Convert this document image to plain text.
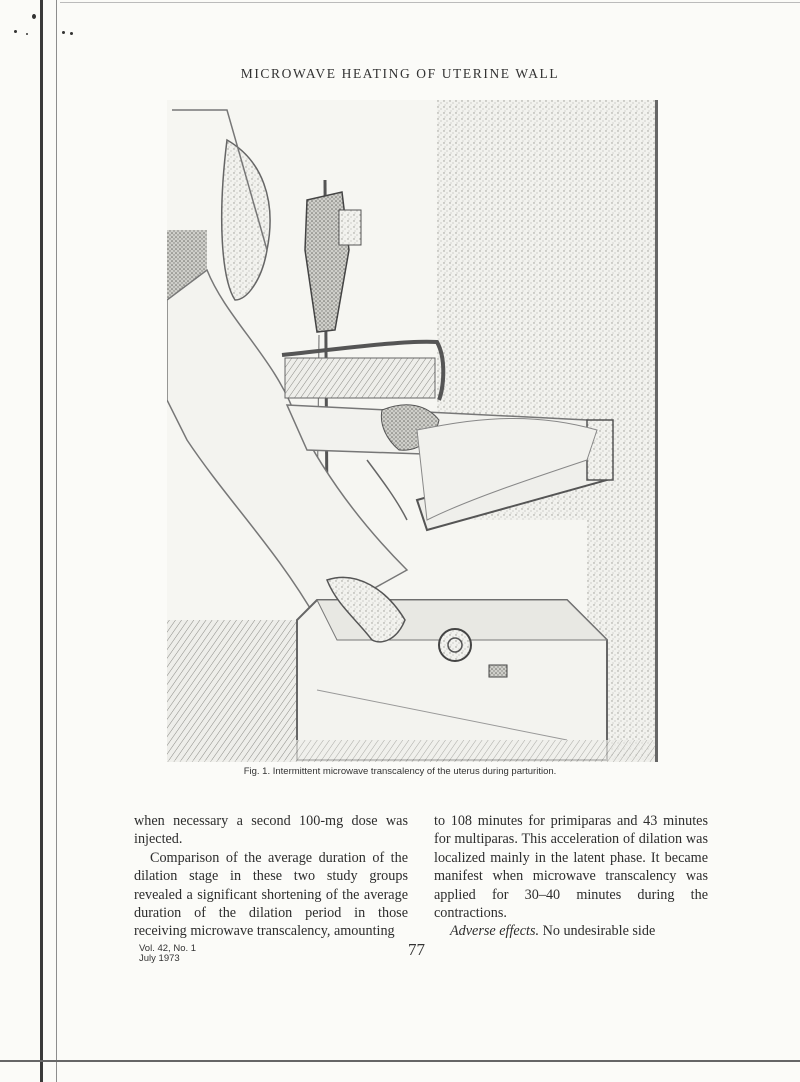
MICROWAVE HEATING OF UTERINE WALL
Fig. 1. Intermittent microwave transcalency of the uterus during parturition.

when necessary a second 100-mg dose was injected.

Comparison of the average duration of the dilation stage in these two study groups revealed a significant shortening of the average duration of the dilation period in those receiving microwave transcalency, amounting

to 108 minutes for primiparas and 43 minutes for multiparas. This acceleration of dilation was localized mainly in the latent phase. It became manifest when microwave transcalency was applied for 30–40 minutes during the contractions.

Adverse effects. No undesirable side

Vol. 42, No. 1
July 1973	77
